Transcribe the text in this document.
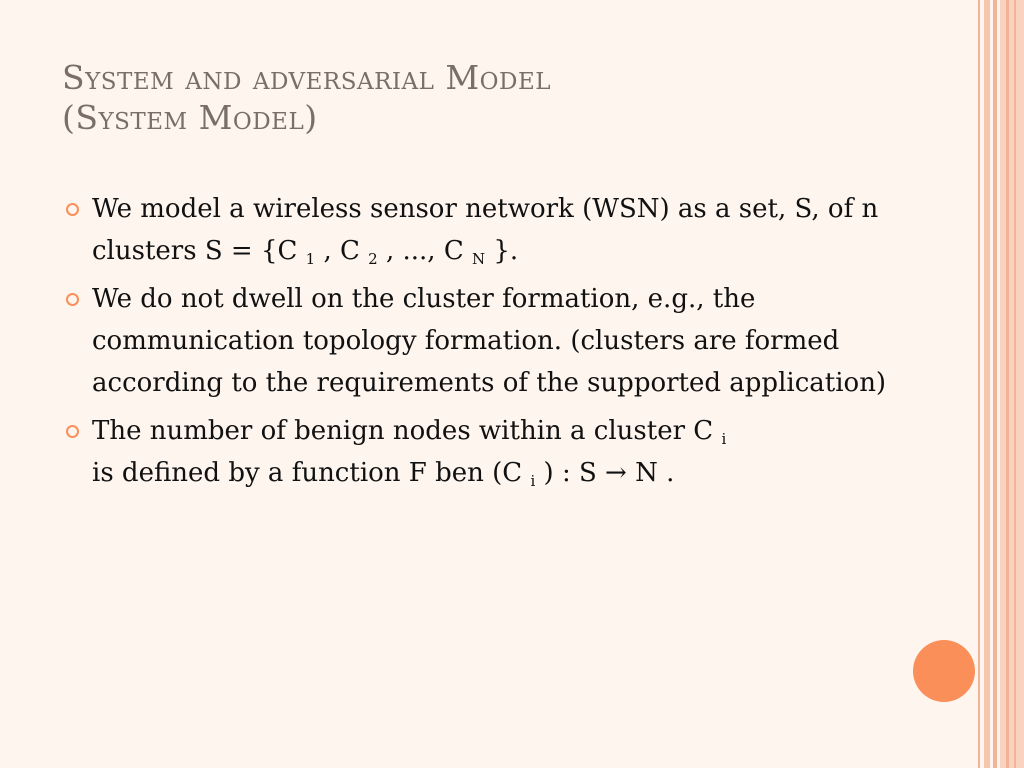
System and adversarial Model
(System Model)
We model a wireless sensor network (WSN) as a set, S, of n clusters S = {C $_1$ , C $_2$ , ..., C $_N$ }.
We do not dwell on the cluster formation, e.g., the communication topology formation. (clusters are formed according to the requirements of the supported application)
The number of benign nodes within a cluster C $_i$
is defined by a function F ben (C $_i$ ) : S → N .
